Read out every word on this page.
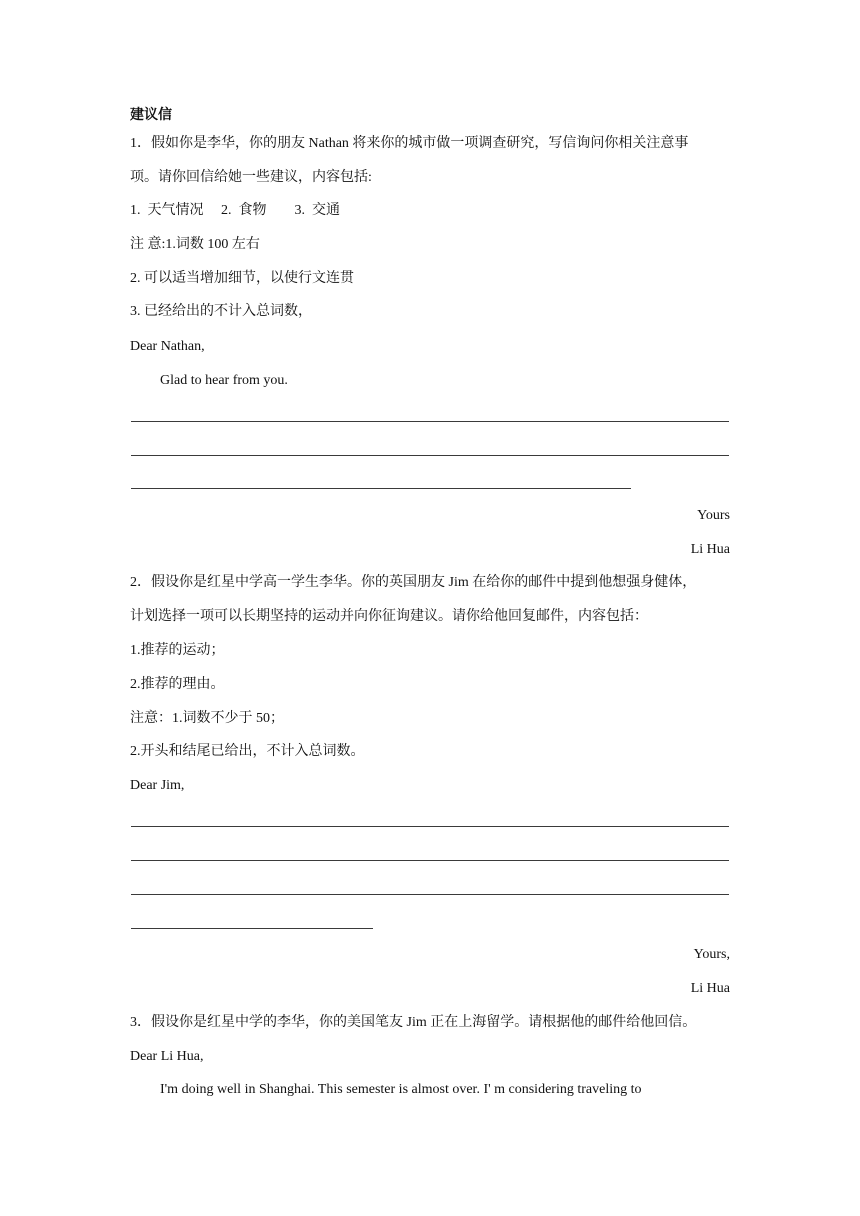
建议信
1．假如你是李华，你的朋友 Nathan 将来你的城市做一项调查研究，写信询问你相关注意事
项。请你回信给她一些建议，内容包括:
1.  天气情况     2.  食物        3.  交通
注 意:1.词数 100 左右
2. 可以适当增加细节，以使行文连贯
3. 已经给出的不计入总词数，
Dear Nathan,
Glad to hear from you.
Yours
Li Hua
2．假设你是红星中学高一学生李华。你的英国朋友 Jim 在给你的邮件中提到他想强身健体，
计划选择一项可以长期坚持的运动并向你征询建议。请你给他回复邮件，内容包括：
1.推荐的运动；
2.推荐的理由。
注意：1.词数不少于 50；
2.开头和结尾已给出，不计入总词数。
Dear Jim,
Yours,
Li Hua
3．假设你是红星中学的李华，你的美国笔友 Jim 正在上海留学。请根据他的邮件给他回信。
Dear Li Hua,
I'm doing well in Shanghai. This semester is almost over. I' m considering traveling to
